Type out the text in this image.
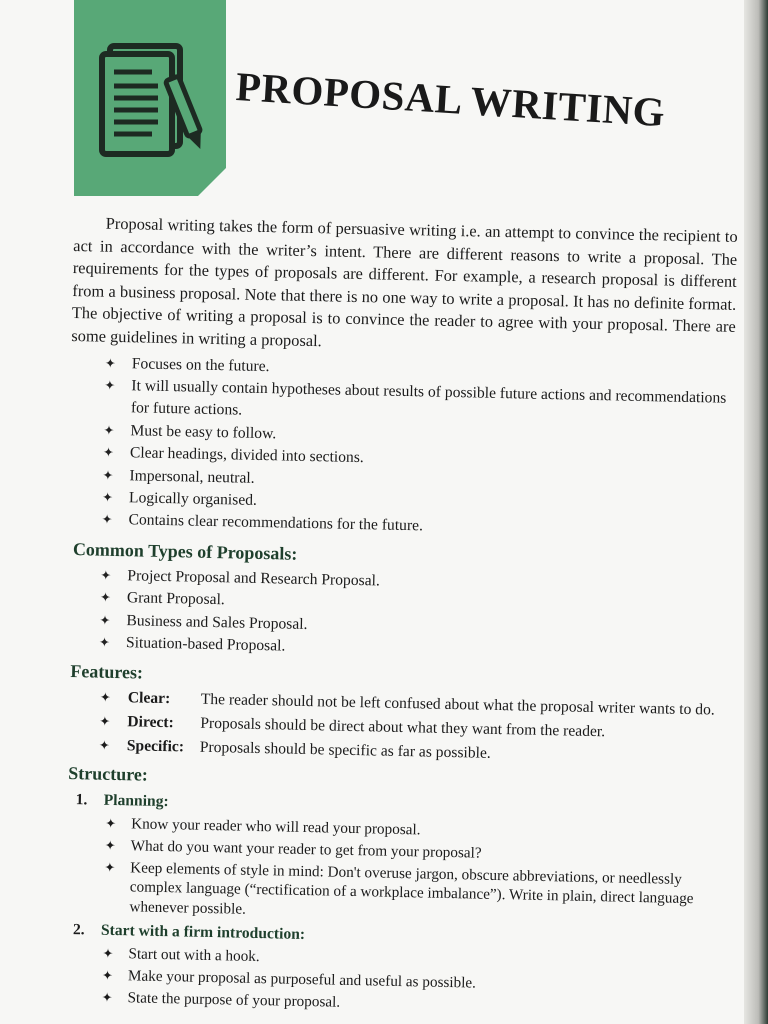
PROPOSAL WRITING

Proposal writing takes the form of persuasive writing i.e. an attempt to convince the recipient to act in accordance with the writer’s intent. There are different reasons to write a proposal. The requirements for the types of proposals are different. For example, a research proposal is different from a business proposal. Note that there is no one way to write a proposal. It has no definite format. The objective of writing a proposal is to convince the reader to agree with your proposal. There are some guidelines in writing a proposal.

✦ Focuses on the future.
✦ It will usually contain hypotheses about results of possible future actions and recommendations for future actions.
✦ Must be easy to follow.
✦ Clear headings, divided into sections.
✦ Impersonal, neutral.
✦ Logically organised.
✦ Contains clear recommendations for the future.
Common Types of Proposals:
✦ Project Proposal and Research Proposal.
✦ Grant Proposal.
✦ Business and Sales Proposal.
✦ Situation-based Proposal.
Features:
✦ Clear:	The reader should not be left confused about what the proposal writer wants to do.
✦ Direct:	Proposals should be direct about what they want from the reader.
✦ Specific: Proposals should be specific as far as possible.
Structure:
1.	Planning:
✦ Know your reader who will read your proposal.
✦ What do you want your reader to get from your proposal?
✦ Keep elements of style in mind: Don't overuse jargon, obscure abbreviations, or needlessly complex language (“rectification of a workplace imbalance”). Write in plain, direct language whenever possible.
2.	Start with a firm introduction:
✦ Start out with a hook.
✦ Make your proposal as purposeful and useful as possible.
✦ State the purpose of your proposal.
